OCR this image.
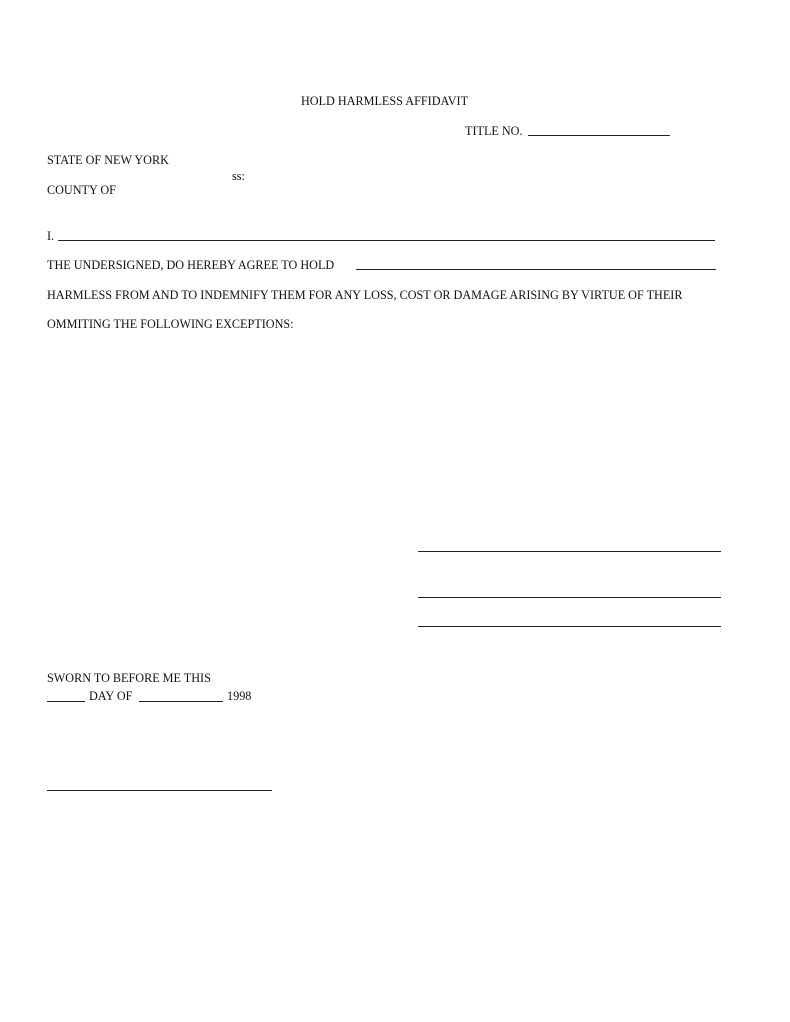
HOLD HARMLESS AFFIDAVIT
TITLE NO.
STATE OF NEW YORK
ss:
COUNTY OF
I.
THE UNDERSIGNED, DO HEREBY AGREE TO HOLD
HARMLESS FROM AND TO INDEMNIFY THEM FOR ANY LOSS, COST OR DAMAGE ARISING BY VIRTUE OF THEIR
OMMITING THE FOLLOWING EXCEPTIONS:
SWORN TO BEFORE ME THIS
DAY OF	1998
